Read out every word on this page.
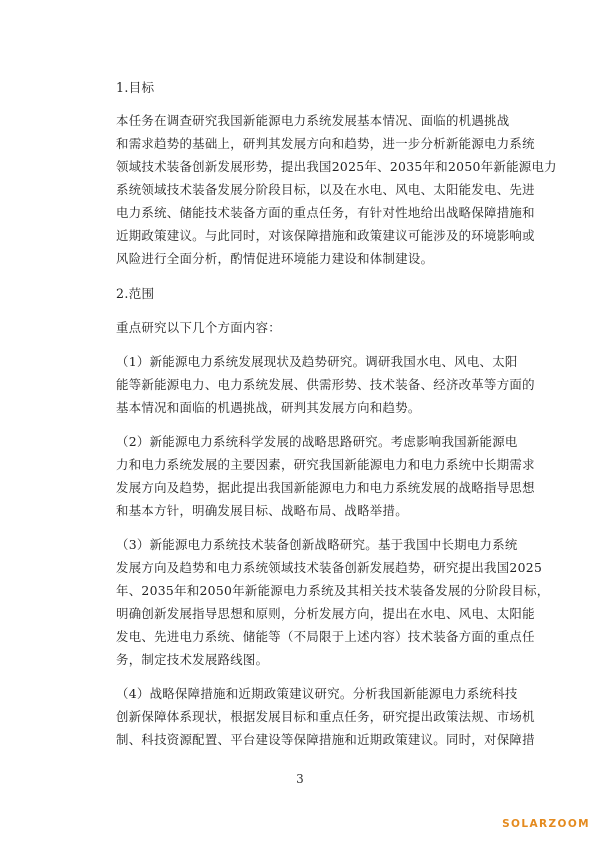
1.目标
本任务在调查研究我国新能源电力系统发展基本情况、面临的机遇挑战
和需求趋势的基础上，研判其发展方向和趋势，进一步分析新能源电力系统
领域技术装备创新发展形势，提出我国2025年、2035年和2050年新能源电力
系统领域技术装备发展分阶段目标，以及在水电、风电、太阳能发电、先进
电力系统、储能技术装备方面的重点任务，有针对性地给出战略保障措施和
近期政策建议。与此同时，对该保障措施和政策建议可能涉及的环境影响或
风险进行全面分析，酌情促进环境能力建设和体制建设。
2.范围
重点研究以下几个方面内容：
（1）新能源电力系统发展现状及趋势研究。调研我国水电、风电、太阳
能等新能源电力、电力系统发展、供需形势、技术装备、经济改革等方面的
基本情况和面临的机遇挑战，研判其发展方向和趋势。
（2）新能源电力系统科学发展的战略思路研究。考虑影响我国新能源电
力和电力系统发展的主要因素，研究我国新能源电力和电力系统中长期需求
发展方向及趋势，据此提出我国新能源电力和电力系统发展的战略指导思想
和基本方针，明确发展目标、战略布局、战略举措。
（3）新能源电力系统技术装备创新战略研究。基于我国中长期电力系统
发展方向及趋势和电力系统领域技术装备创新发展趋势，研究提出我国2025
年、2035年和2050年新能源电力系统及其相关技术装备发展的分阶段目标，
明确创新发展指导思想和原则，分析发展方向，提出在水电、风电、太阳能
发电、先进电力系统、储能等（不局限于上述内容）技术装备方面的重点任
务，制定技术发展路线图。
（4）战略保障措施和近期政策建议研究。分析我国新能源电力系统科技
创新保障体系现状，根据发展目标和重点任务，研究提出政策法规、市场机
制、科技资源配置、平台建设等保障措施和近期政策建议。同时，对保障措
3
SOLARZOOM
